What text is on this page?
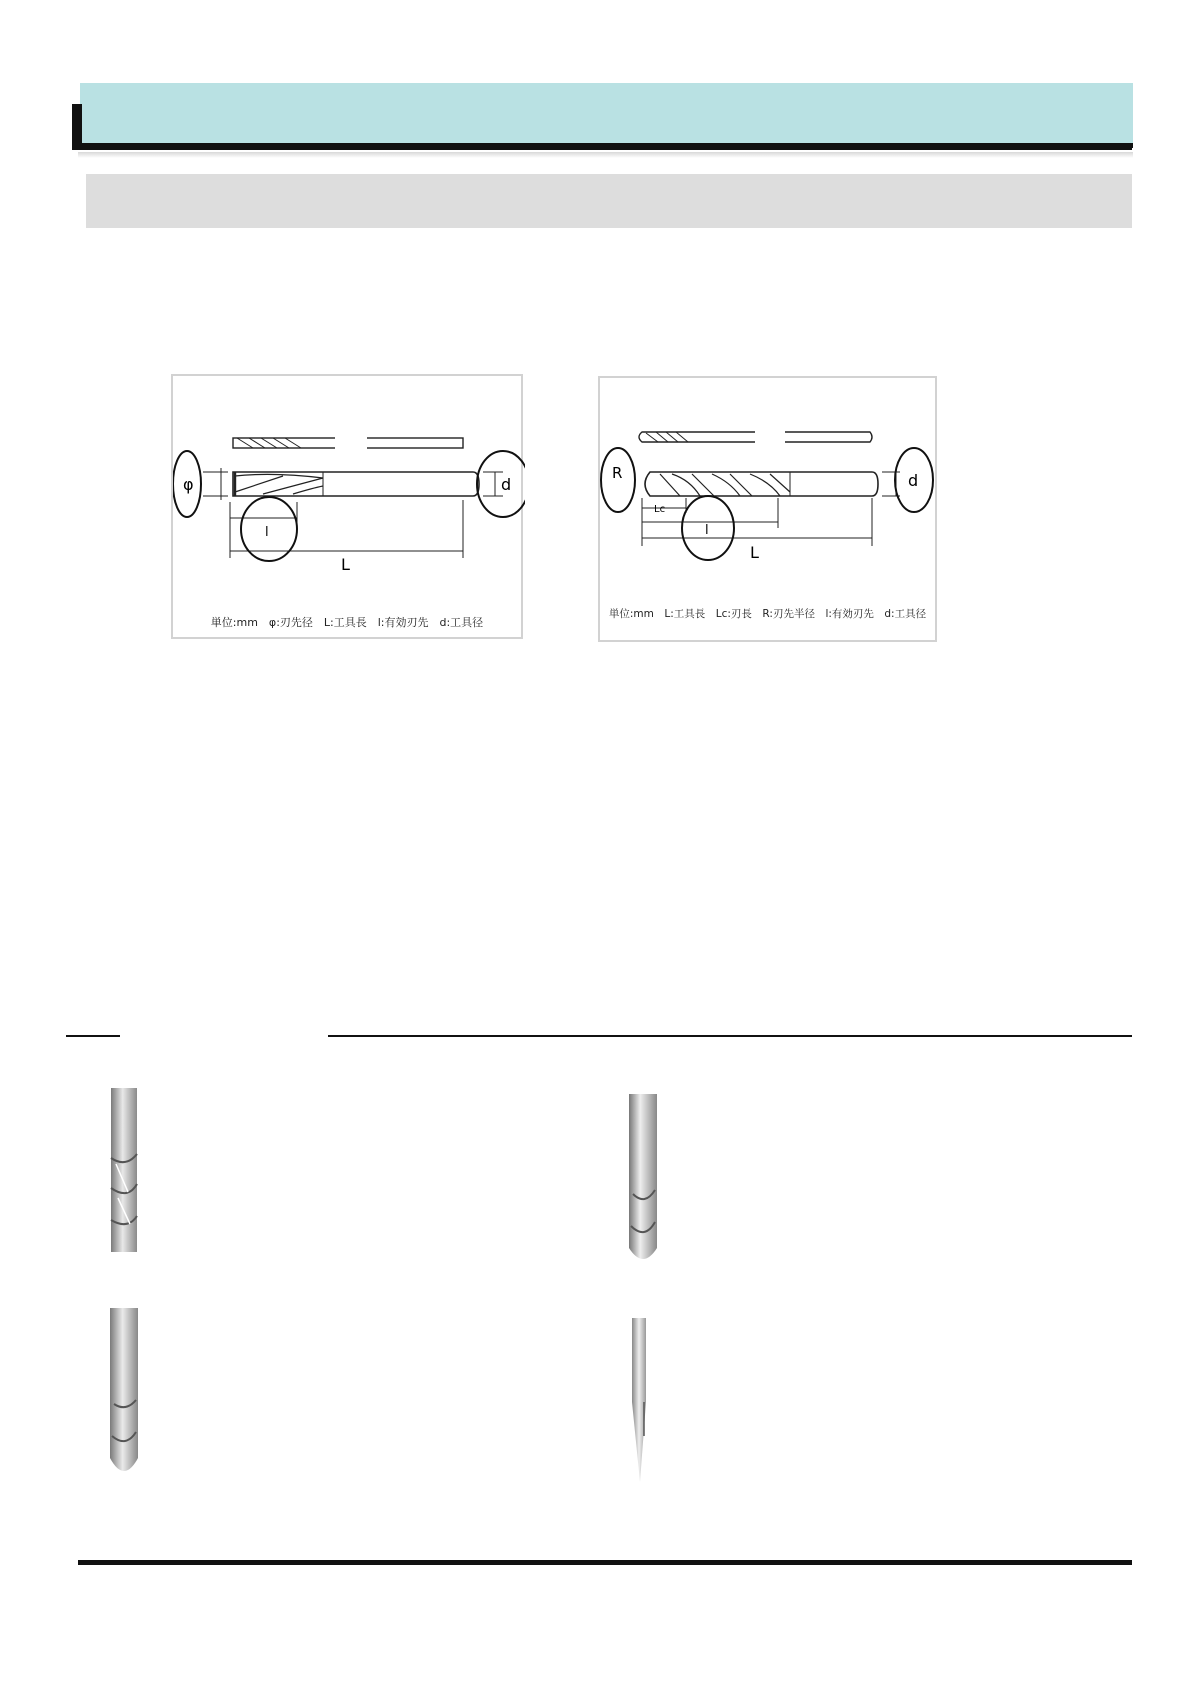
φ	d
l
L
単位:mm　φ:刃先径　L:工具長　l:有効刃先　d:工具径
R	d
Lc
l
L
単位:mm　L:工具長　Lc:刃長　R:刃先半径　l:有効刃先　d:工具径
